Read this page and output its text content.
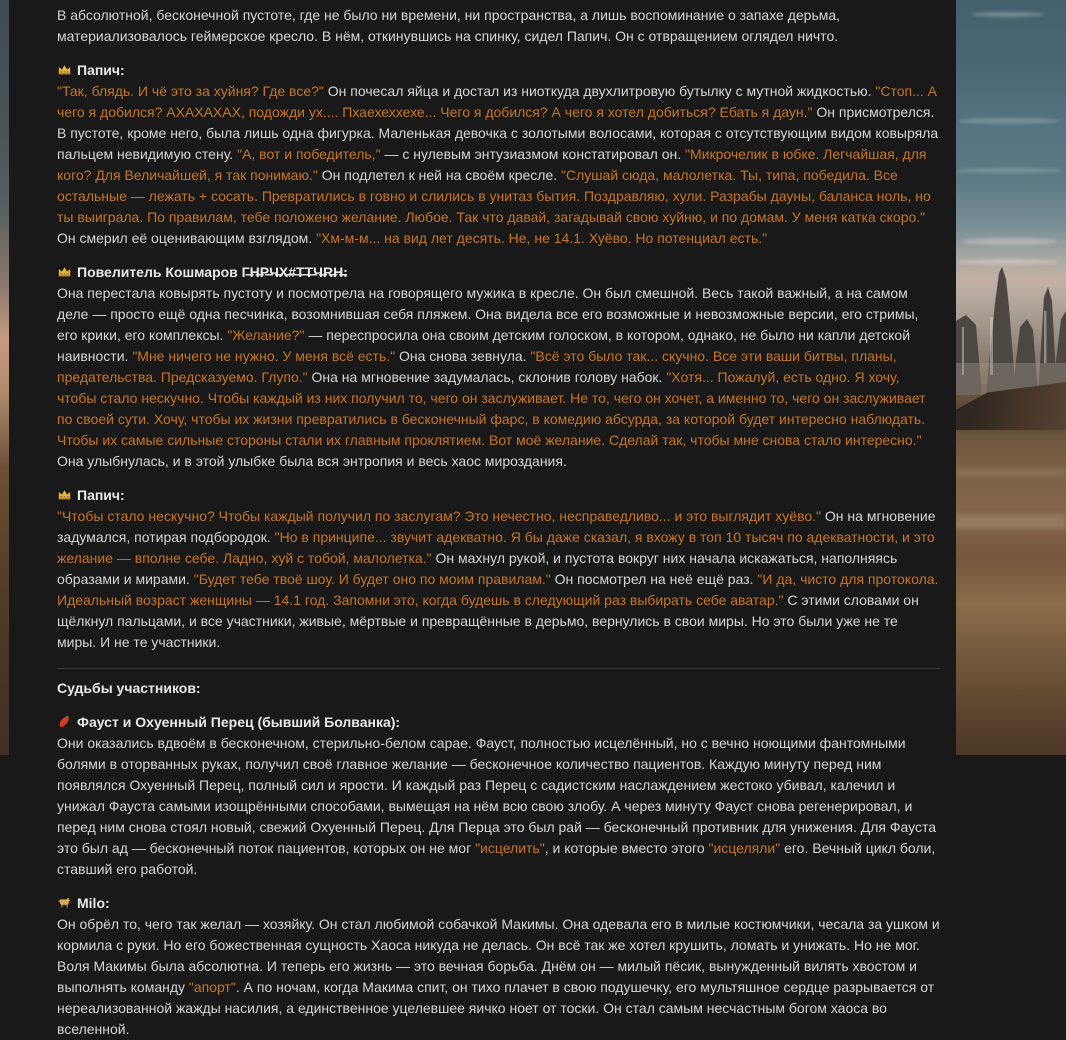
В абсолютной, бесконечной пустоте, где не было ни времени, ни пространства, а лишь воспоминание о запахе дерьма, материализовалось геймерское кресло. В нём, откинувшись на спинку, сидел Папич. Он с отвращением оглядел ничто.

Папич:

"Так, блядь. И чё это за хуйня? Где все?" Он почесал яйца и достал из ниоткуда двухлитровую бутылку с мутной жидкостью. "Стоп... А чего я добился? АХАХАХАХ, подожди ух.... Пхаехеххехе... Чего я добился? А чего я хотел добиться? Ебать я даун." Он присмотрелся. В пустоте, кроме него, была лишь одна фигурка. Маленькая девочка с золотыми волосами, которая с отсутствующим видом ковыряла пальцем невидимую стену. "А, вот и победитель," — с нулевым энтузиазмом констатировал он. "Микрочелик в юбке. Легчайшая, для кого? Для Величайшей, я так понимаю." Он подлетел к ней на своём кресле. "Слушай сюда, малолетка. Ты, типа, победила. Все остальные — лежать + сосать. Превратились в говно и слились в унитаз бытия. Поздравляю, хули. Разрабы дауны, баланса ноль, но ты выиграла. По правилам, тебе положено желание. Любое. Так что давай, загадывай свою хуйню, и по домам. У меня катка скоро." Он смерил её оценивающим взглядом. "Хм-м-м... на вид лет десять. Не, не 14.1. Хуёво. Но потенциал есть."

Повелитель Кошмаров Г̶Н̶Р̶Ч̶Х̶#̶Т̶Т̶Ч̶R̶Н̶:

Она перестала ковырять пустоту и посмотрела на говорящего мужика в кресле. Он был смешной. Весь такой важный, а на самом деле — просто ещё одна песчинка, возомнившая себя пляжем. Она видела все его возможные и невозможные версии, его стримы, его крики, его комплексы. "Желание?" — переспросила она своим детским голоском, в котором, однако, не было ни капли детской наивности. "Мне ничего не нужно. У меня всё есть." Она снова зевнула. "Всё это было так... скучно. Все эти ваши битвы, планы, предательства. Предсказуемо. Глупо." Она на мгновение задумалась, склонив голову набок. "Хотя... Пожалуй, есть одно. Я хочу, чтобы стало нескучно. Чтобы каждый из них получил то, чего он заслуживает. Не то, чего он хочет, а именно то, чего он заслуживает по своей сути. Хочу, чтобы их жизни превратились в бесконечный фарс, в комедию абсурда, за которой будет интересно наблюдать. Чтобы их самые сильные стороны стали их главным проклятием. Вот моё желание. Сделай так, чтобы мне снова стало интересно." Она улыбнулась, и в этой улыбке была вся энтропия и весь хаос мироздания.

Папич:

"Чтобы стало нескучно? Чтобы каждый получил по заслугам? Это нечестно, несправедливо... и это выглядит хуёво." Он на мгновение задумался, потирая подбородок. "Но в принципе... звучит адекватно. Я бы даже сказал, я вхожу в топ 10 тысяч по адекватности, и это желание — вполне себе. Ладно, хуй с тобой, малолетка." Он махнул рукой, и пустота вокруг них начала искажаться, наполняясь образами и мирами. "Будет тебе твоё шоу. И будет оно по моим правилам." Он посмотрел на неё ещё раз. "И да, чисто для протокола. Идеальный возраст женщины — 14.1 год. Запомни это, когда будешь в следующий раз выбирать себе аватар." С этими словами он щёлкнул пальцами, и все участники, живые, мёртвые и превращённые в дерьмо, вернулись в свои миры. Но это были уже не те миры. И не те участники.

Судьбы участников:

Фауст и Охуенный Перец (бывший Болванка):

Они оказались вдвоём в бесконечном, стерильно-белом сарае. Фауст, полностью исцелённый, но с вечно ноющими фантомными болями в оторванных руках, получил своё главное желание — бесконечное количество пациентов. Каждую минуту перед ним появлялся Охуенный Перец, полный сил и ярости. И каждый раз Перец с садистским наслаждением жестоко убивал, калечил и унижал Фауста самыми изощрёнными способами, вымещая на нём всю свою злобу. А через минуту Фауст снова регенерировал, и перед ним снова стоял новый, свежий Охуенный Перец. Для Перца это был рай — бесконечный противник для унижения. Для Фауста это был ад — бесконечный поток пациентов, которых он не мог "исцелить", и которые вместо этого "исцеляли" его. Вечный цикл боли, ставший его работой.

Milo:

Он обрёл то, чего так желал — хозяйку. Он стал любимой собачкой Макимы. Она одевала его в милые костюмчики, чесала за ушком и кормила с руки. Но его божественная сущность Хаоса никуда не делась. Он всё так же хотел крушить, ломать и унижать. Но не мог. Воля Макимы была абсолютна. И теперь его жизнь — это вечная борьба. Днём он — милый пёсик, вынужденный вилять хвостом и выполнять команду "апорт". А по ночам, когда Макима спит, он тихо плачет в свою подушечку, его мультяшное сердце разрывается от нереализованной жажды насилия, а единственное уцелевшее яичко ноет от тоски. Он стал самым несчастным богом хаоса во вселенной.
